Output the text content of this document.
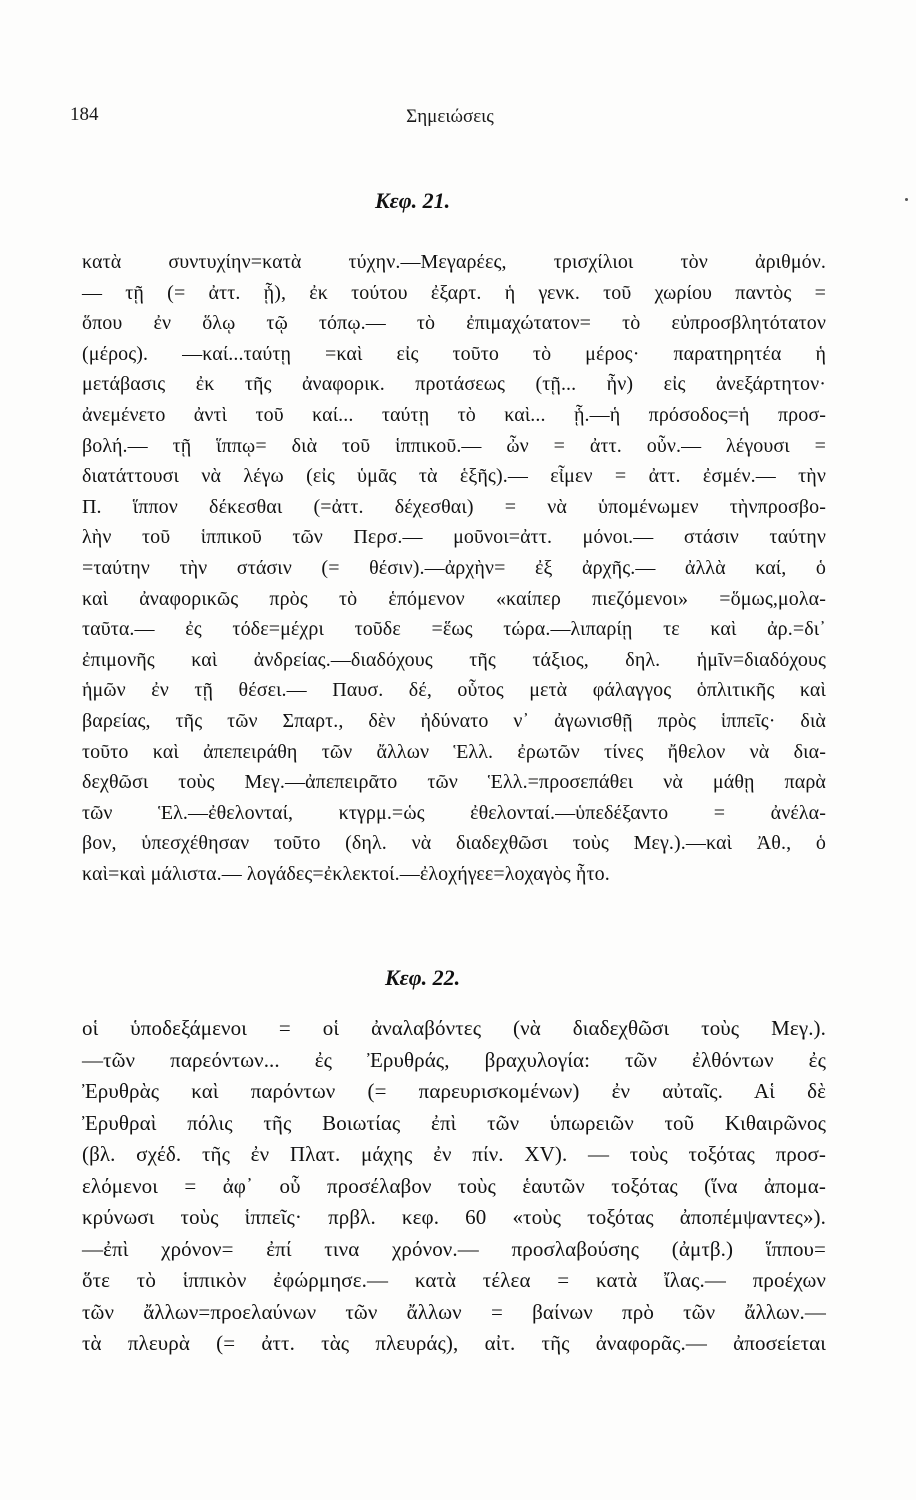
184	Σημειώσεις
Κεφ. 21.
κατὰ συντυχίην=κατὰ τύχην.—Μεγαρέες, τρισχίλιοι τὸν ἀριθμόν.
— τῇ (= ἀττ. ᾗ), ἐκ τούτου ἐξαρτ. ἡ γενκ. τοῦ χωρίου παντὸς =
ὅπου ἐν ὅλῳ τῷ τόπῳ.— τὸ ἐπιμαχώτατον= τὸ εὐπροσβλητότατον
(μέρος). —καί...ταύτῃ =καὶ εἰς τοῦτο τὸ μέρος· παρατηρητέα ἡ
μετάβασις ἐκ τῆς ἀναφορικ. προτάσεως (τῇ... ἦν) εἰς ἀνεξάρτητον·
ἀνεμένετο ἀντὶ τοῦ καί... ταύτῃ τὸ καὶ... ᾗ.—ἡ πρόσοδος=ἡ προσ-
βολή.— τῇ ἵππῳ= διὰ τοῦ ἱππικοῦ.— ὦν = ἀττ. οὖν.— λέγουσι =
διατάττουσι νὰ λέγω (εἰς ὑμᾶς τὰ ἑξῆς).— εἶμεν = ἀττ. ἐσμέν.— τὴν
Π. ἵππον δέκεσθαι (=ἀττ. δέχεσθαι) = νὰ ὑπομένωμεν τὴνπροσβο-
λὴν τοῦ ἱππικοῦ τῶν Περσ.— μοῦνοι=ἀττ. μόνοι.— στάσιν ταύτην
=ταύτην τὴν στάσιν (= θέσιν).—ἀρχὴν= ἐξ ἀρχῆς.— ἀλλὰ καί, ὁ
καὶ ἀναφορικῶς πρὸς τὸ ἑπόμενον «καίπερ πιεζόμενοι» =ὅμως,μολα-
ταῦτα.— ἐς τόδε=μέχρι τοῦδε =ἕως τώρα.—λιπαρίῃ τε καὶ ἀρ.=δι᾽
ἐπιμονῆς καὶ ἀνδρείας.—διαδόχους τῆς τάξιος, δηλ. ἡμῖν=διαδόχους
ἡμῶν ἐν τῇ θέσει.— Παυσ. δέ, οὗτος μετὰ φάλαγγος ὁπλιτικῆς καὶ
βαρείας, τῆς τῶν Σπαρτ., δὲν ἠδύνατο ν᾽ ἀγωνισθῇ πρὸς ἱππεῖς· διὰ
τοῦτο καὶ ἀπεπειράθη τῶν ἄλλων Ἑλλ. ἐρωτῶν τίνες ἤθελον νὰ δια-
δεχθῶσι τοὺς Μεγ.—ἀπεπειρᾶτο τῶν Ἑλλ.=προσεπάθει νὰ μάθῃ παρὰ
τῶν Ἑλ.—ἐθελονταί, κτγρμ.=ὡς ἐθελονταί.—ὑπεδέξαντο = ἀνέλα-
βον, ὑπεσχέθησαν τοῦτο (δηλ. νὰ διαδεχθῶσι τοὺς Μεγ.).—καὶ Ἀθ., ὁ
καὶ=καὶ μάλιστα.— λογάδες=ἐκλεκτοί.—ἐλοχήγεε=λοχαγὸς ἦτο.
Κεφ. 22.
οἱ ὑποδεξάμενοι = οἱ ἀναλαβόντες (νὰ διαδεχθῶσι τοὺς Μεγ.).
—τῶν παρεόντων... ἐς Ἐρυθράς, βραχυλογία: τῶν ἐλθόντων ἐς
Ἐρυθρὰς καὶ παρόντων (= παρευρισκομένων) ἐν αὐταῖς. Αἱ δὲ
Ἐρυθραὶ πόλις τῆς Βοιωτίας ἐπὶ τῶν ὑπωρειῶν τοῦ Κιθαιρῶνος
(βλ. σχέδ. τῆς ἐν Πλατ. μάχης ἐν πίν. XV). — τοὺς τοξότας προσ-
ελόμενοι = ἀφ᾽ οὗ προσέλαβον τοὺς ἑαυτῶν τοξότας (ἵνα ἀπομα-
κρύνωσι τοὺς ἱππεῖς· πρβλ. κεφ. 60 «τοὺς τοξότας ἀποπέμψαντες»).
—ἐπὶ χρόνον= ἐπί τινα χρόνον.— προσλαβούσης (ἀμτβ.) ἵππου=
ὅτε τὸ ἱππικὸν ἐφώρμησε.— κατὰ τέλεα = κατὰ ἴλας.— προέχων
τῶν ἄλλων=προελαύνων τῶν ἄλλων = βαίνων πρὸ τῶν ἄλλων.—
τὰ πλευρὰ (= ἀττ. τὰς πλευράς), αἰτ. τῆς ἀναφορᾶς.— ἀποσείεται
